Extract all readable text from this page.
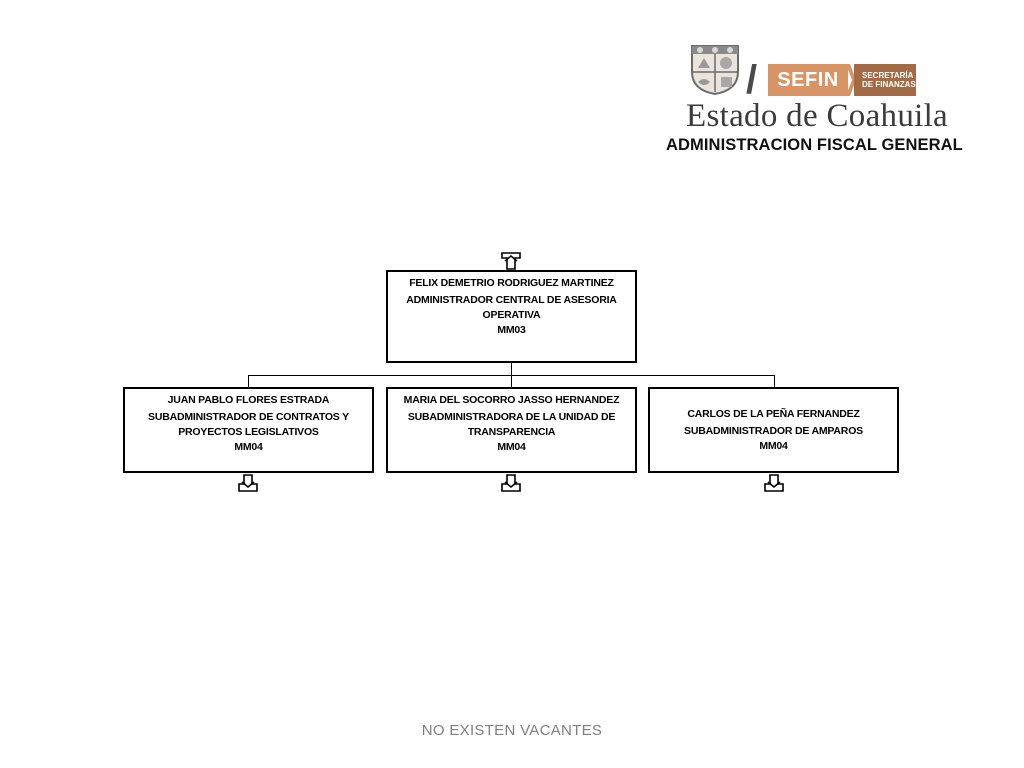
/	SEFIN	SECRETARÍA
DE FINANZAS
Estado de Coahuila
ADMINISTRACION FISCAL GENERAL
FELIX DEMETRIO RODRIGUEZ MARTINEZ
ADMINISTRADOR CENTRAL DE ASESORIA OPERATIVA
MM03
JUAN PABLO FLORES ESTRADA
SUBADMINISTRADOR DE CONTRATOS Y PROYECTOS LEGISLATIVOS
MM04
MARIA DEL SOCORRO JASSO HERNANDEZ
SUBADMINISTRADORA DE LA UNIDAD DE TRANSPARENCIA
MM04
CARLOS DE LA PEÑA FERNANDEZ
SUBADMINISTRADOR DE AMPAROS
MM04
NO EXISTEN VACANTES
